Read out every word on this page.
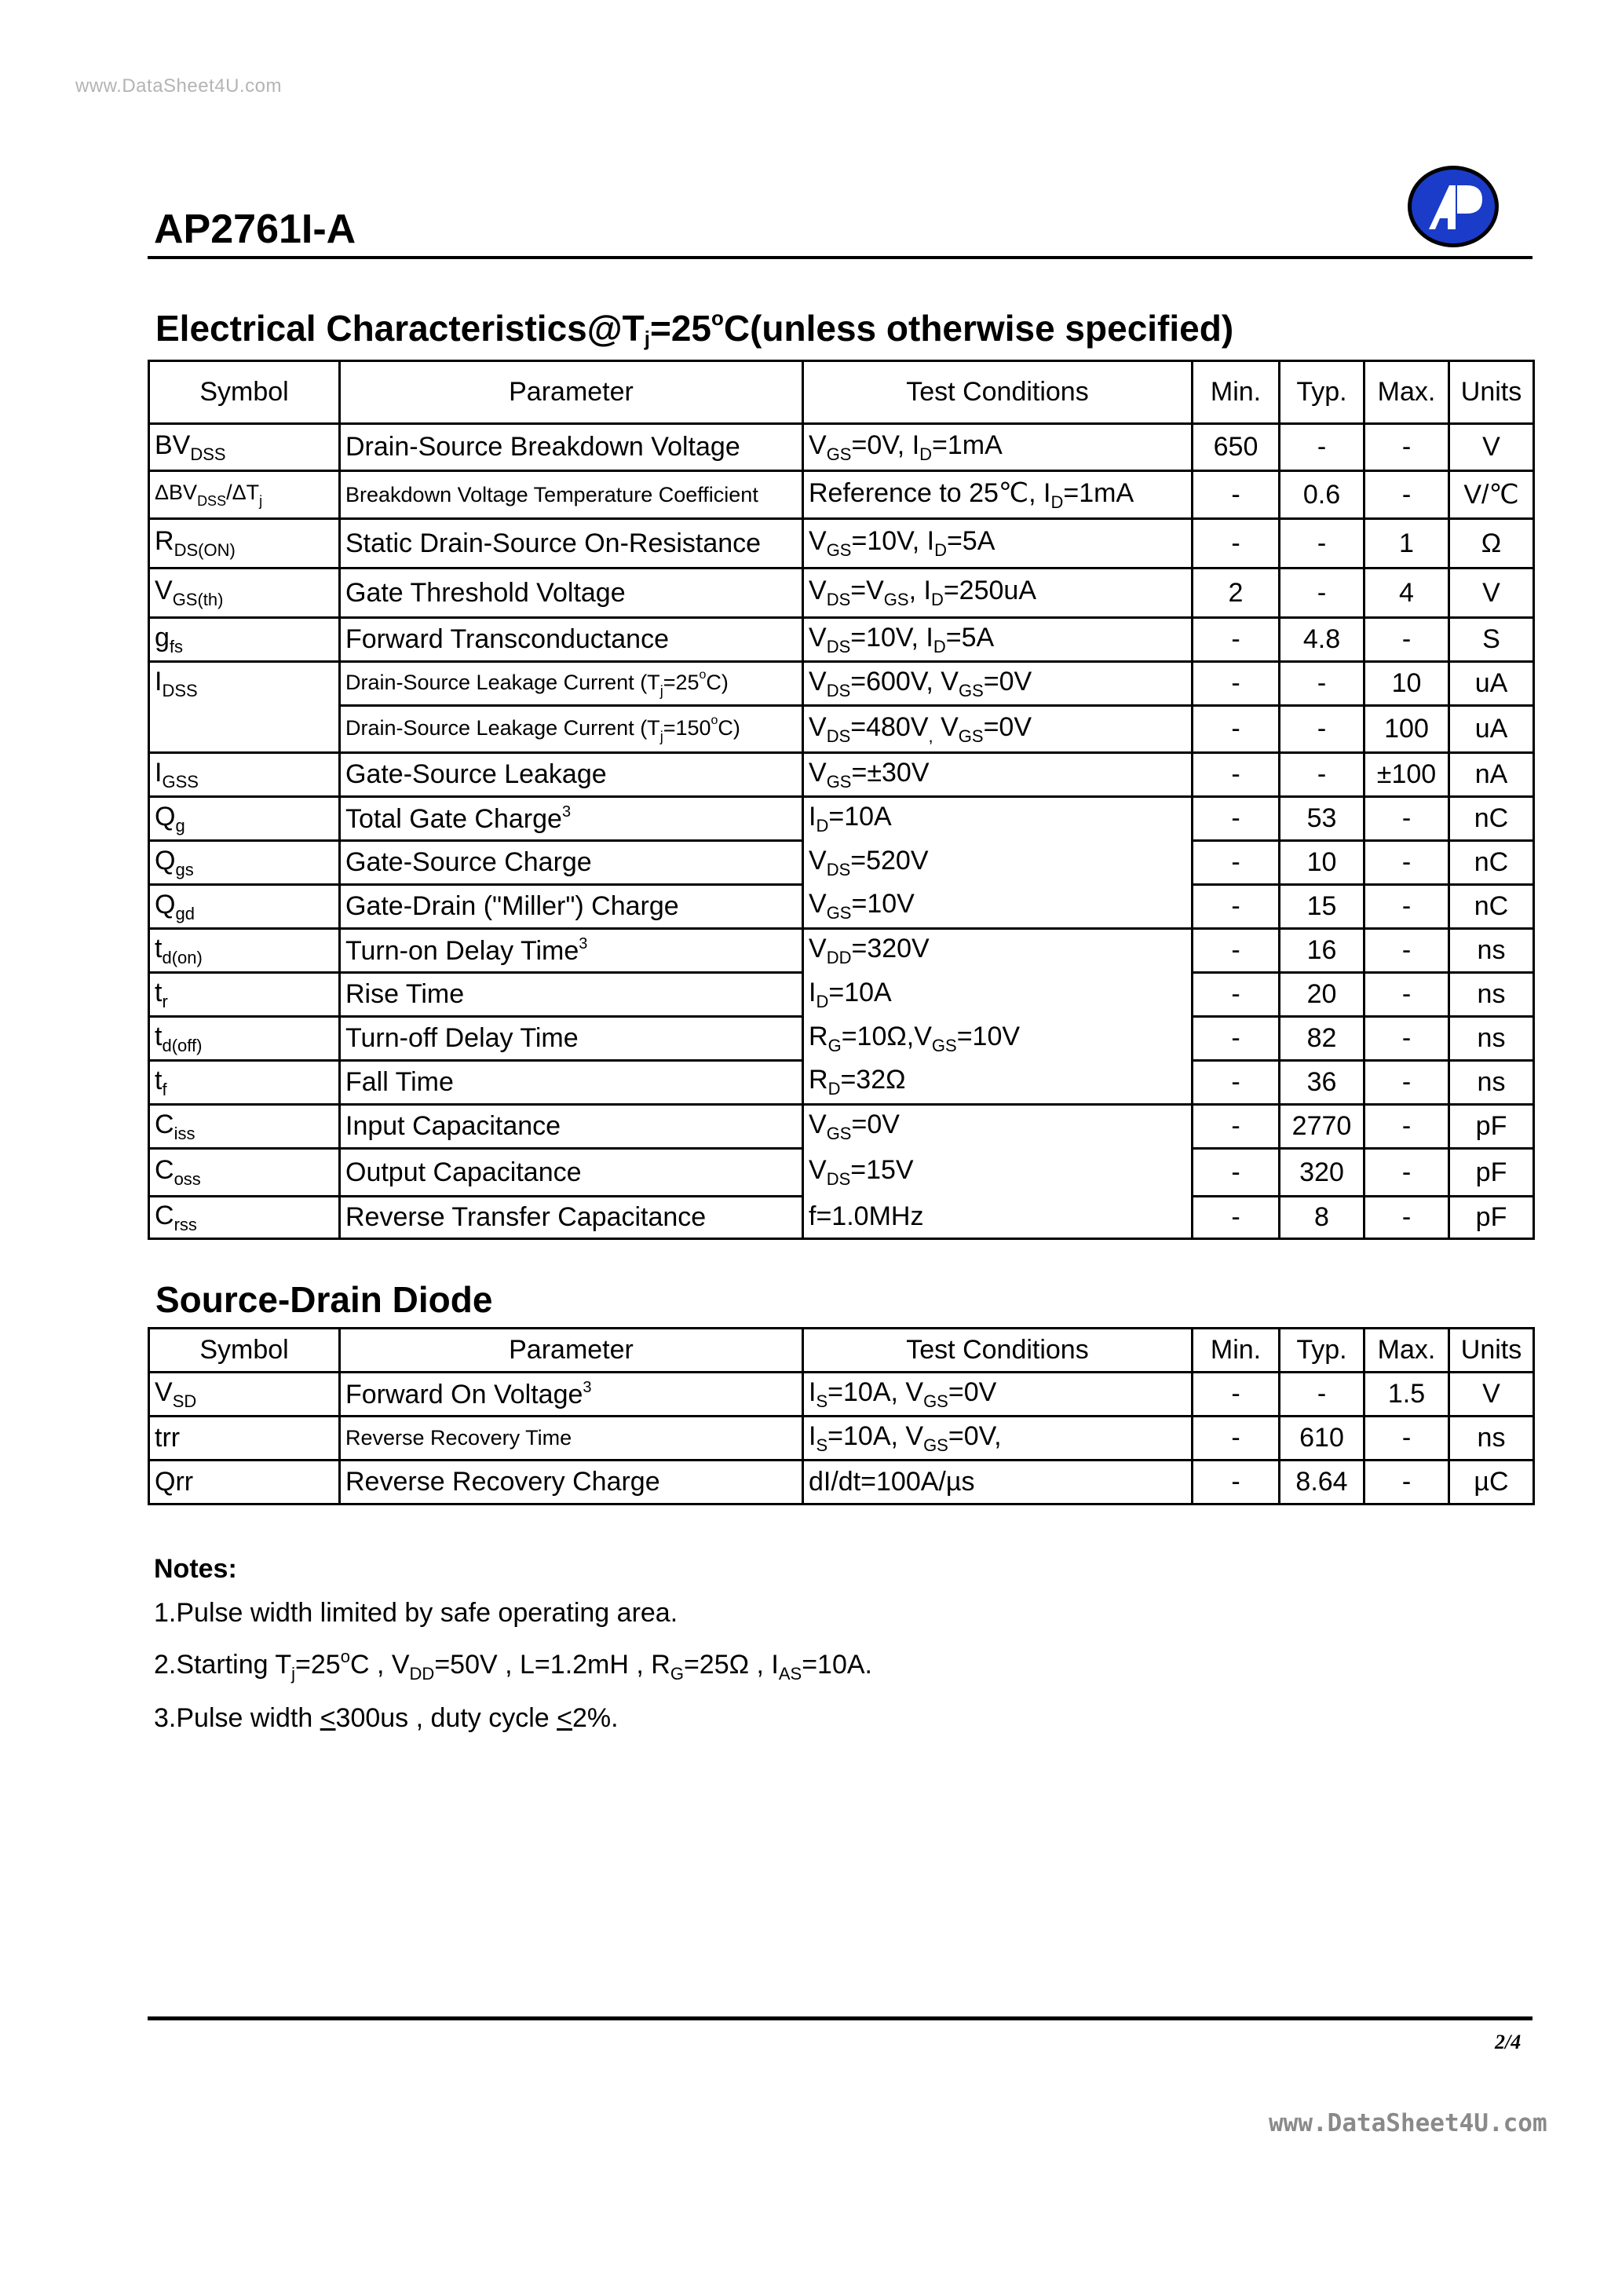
www.DataSheet4U.com
AP2761I-A
Electrical $Characteristics@T_j=25^oC(unless$ otherwise specified)
Symbol	Parameter	Test Conditions	Min.	Typ.	Max.	Units
$BV_{DSS}$	Drain-Source Breakdown Voltage	$V_{GS}=0V$, $I_D=1mA$	650	-	-	V
$\Delta BV_{DSS}/\Delta T_j$	Breakdown Voltage Temperature Coefficient	Reference to 25℃, $I_D=1mA$	-	0.6	-	V/℃
$R_{DS(ON)}$	Static Drain-Source On-Resistance	$V_{GS}=10V$, $I_D=5A$	-	-	1	Ω
$V_{GS(th)}$	Gate Threshold Voltage	$V_{DS}=V_{GS}$, $I_D=250uA$	2	-	4	V
$g_{fs}$	Forward Transconductance	$V_{DS}=10V$, $I_D=5A$	-	4.8	-	S
$I_{DSS}$	Drain-Source Leakage Current $(T_j=25^oC)$	$V_{DS}=600V$, $V_{GS}=0V$	-	-	10	uA
	Drain-Source Leakage Current $(T_j=150^oC)$	$V_{DS}=480V_,$ $V_{GS}=0V$	-	-	100	uA
$I_{GSS}$	Gate-Source Leakage	$V_{GS}=\pm 30V$	-	-	±100	nA
$Q_g$	Total Gate Charge$^3$	$I_D=10A$	-	53	-	nC
$Q_{gs}$	Gate-Source Charge	$V_{DS}=520V$	-	10	-	nC
$Q_{gd}$	Gate-Drain ("Miller") Charge	$V_{GS}=10V$	-	15	-	nC
$t_{d(on)}$	Turn-on Delay Time$^3$	$V_{DD}=320V$	-	16	-	ns
$t_r$	Rise Time	$I_D=10A$	-	20	-	ns
$t_{d(off)}$	Turn-off Delay Time	$R_G=10\Omega,V_{GS}=10V$	-	82	-	ns
$t_f$	Fall Time	$R_D=32\Omega$	-	36	-	ns
$C_{iss}$	Input Capacitance	$V_{GS}=0V$	-	2770	-	pF
$C_{oss}$	Output Capacitance	$V_{DS}=15V$	-	320	-	pF
$C_{rss}$	Reverse Transfer Capacitance	f=1.0MHz	-	8	-	pF
Source-Drain Diode
Symbol	Parameter	Test Conditions	Min.	Typ.	Max.	Units
$V_{SD}$	Forward On Voltage$^3$	$I_S=10A$, $V_{GS}=0V$	-	-	1.5	V
trr	Reverse Recovery Time	$I_S=10A$, $V_{GS}=0V$,	-	610	-	ns
Qrr	Reverse Recovery Charge	dI/dt=100A/µs	-	8.64	-	µC
Notes:
1.Pulse width limited by safe operating area.
2.Starting $T_j=25^oC$ , $V_{DD}=50V$ , L=1.2mH , $R_G=25\Omega$ , $I_{AS}=10A$.
3.Pulse width <300us , duty cycle <2%.
2/4
www.DataSheet4U.com
